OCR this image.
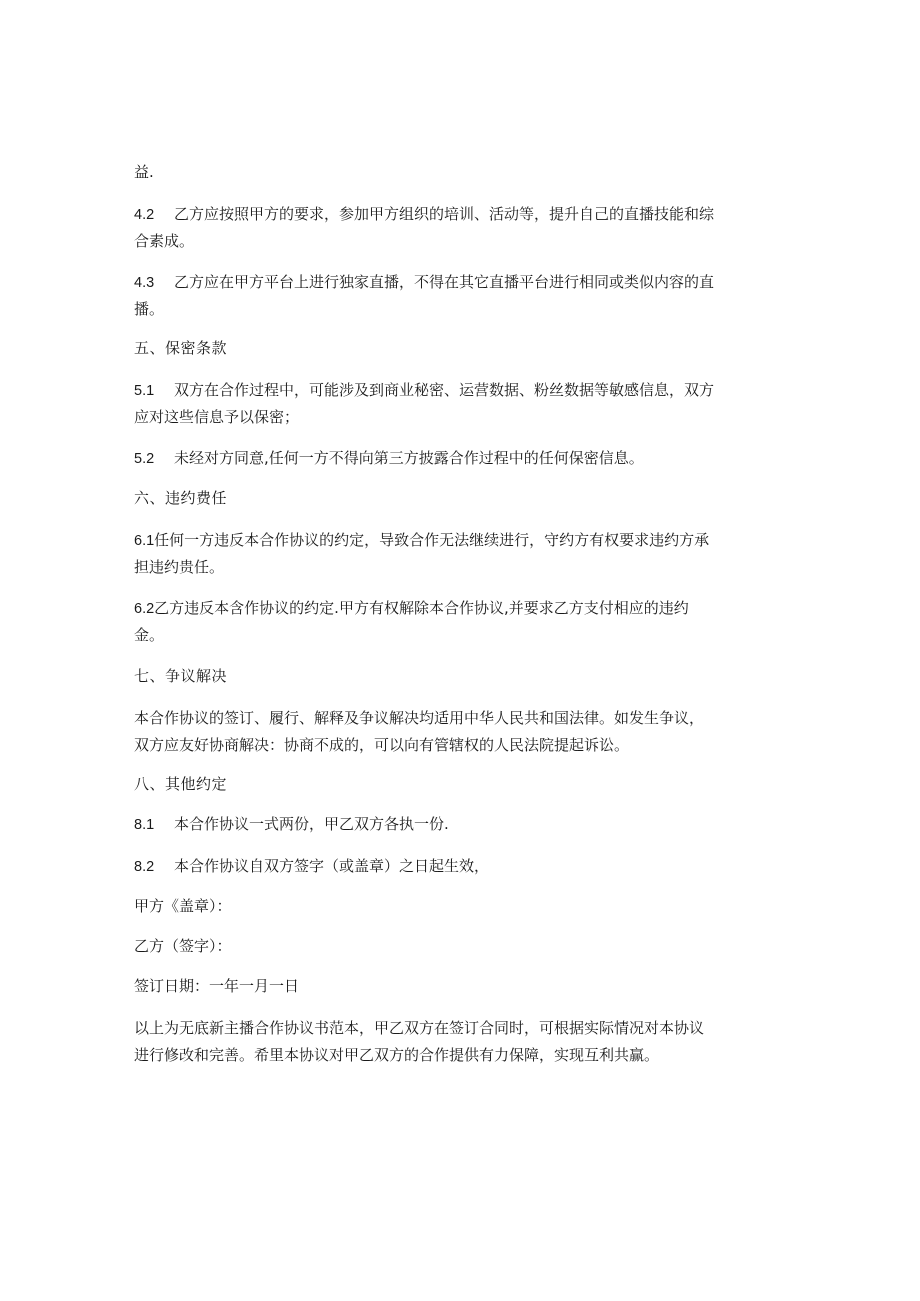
益.
4.2 乙方应按照甲方的要求，参加甲方组织的培训、活动等，提升自己的直播技能和综
合素成。
4.3 乙方应在甲方平台上进行独家直播，不得在其它直播平台进行相同或类似内容的直
播。
五、保密条款
5.1 双方在合作过程中，可能涉及到商业秘密、运营数据、粉丝数据等敏感信息，双方
应对这些信息予以保密；
5.2 未经对方同意,任何一方不得向第三方披露合作过程中的任何保密信息。
六、违约费任
6.1任何一方违反本合作协议的约定，导致合作无法继续进行，守约方有权要求违约方承
担违约贵任。
6.2乙方违反本含作协议的约定.甲方有权解除本合作协议,并要求乙方支付相应的违约
金。
七、争议解决
本合作协议的签订、履行、解释及争议解决均适用中华人民共和国法律。如发生争议，
双方应友好协商解决：协商不成的，可以向有管辖权的人民法院提起诉讼。
八、其他约定
8.1 本合作协议一式两份，甲乙双方各执一份.
8.2 本合作协议自双方签字（或盖章）之日起生效，
甲方《盖章）：
乙方（签字）：
签订日期：一年一月一日
以上为无底新主播合作协议书范本，甲乙双方在签订合同时，可根据实际情况对本协议
进行修改和完善。希里本协议对甲乙双方的合作提供有力保障，实现互利共赢。
